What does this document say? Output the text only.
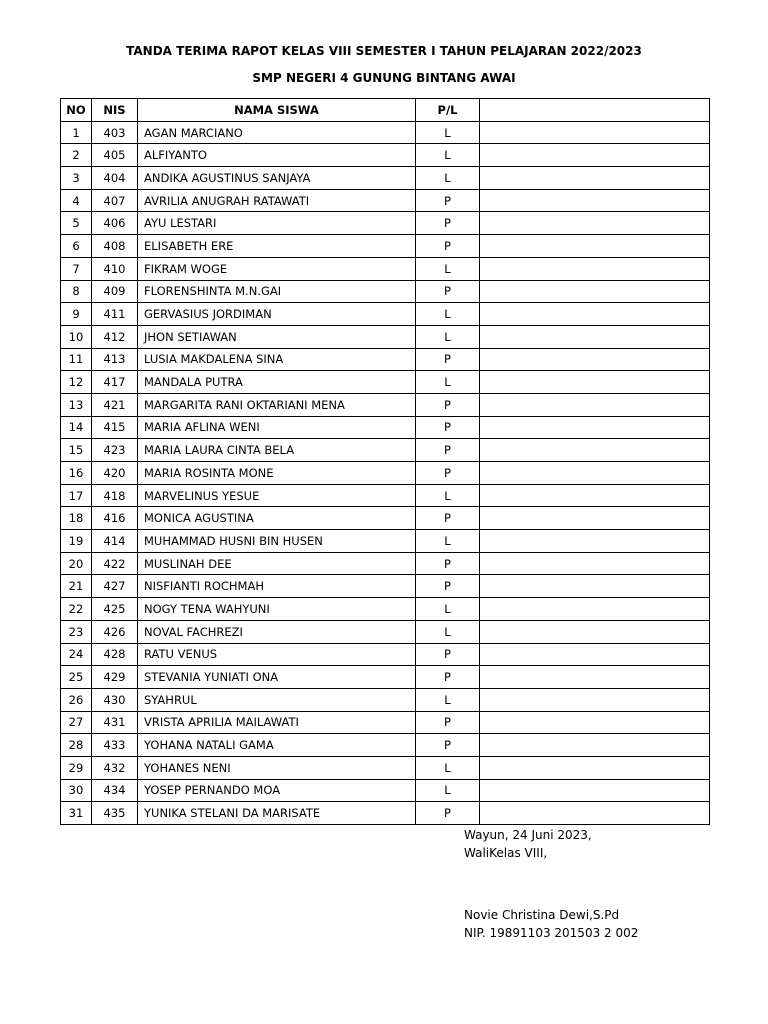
TANDA TERIMA RAPOT KELAS VIII SEMESTER I TAHUN PELAJARAN 2022/2023
SMP NEGERI 4 GUNUNG BINTANG AWAI
NO	NIS	NAMA SISWA	P/L	
1	403	AGAN MARCIANO	L	
2	405	ALFIYANTO	L	
3	404	ANDIKA AGUSTINUS SANJAYA	L	
4	407	AVRILIA ANUGRAH RATAWATI	P	
5	406	AYU LESTARI	P	
6	408	ELISABETH ERE	P	
7	410	FIKRAM WOGE	L	
8	409	FLORENSHINTA M.N.GAI	P	
9	411	GERVASIUS JORDIMAN	L	
10	412	JHON SETIAWAN	L	
11	413	LUSIA MAKDALENA SINA	P	
12	417	MANDALA PUTRA	L	
13	421	MARGARITA RANI OKTARIANI MENA	P	
14	415	MARIA AFLINA WENI	P	
15	423	MARIA LAURA CINTA BELA	P	
16	420	MARIA ROSINTA MONE	P	
17	418	MARVELINUS YESUE	L	
18	416	MONICA AGUSTINA	P	
19	414	MUHAMMAD HUSNI BIN HUSEN	L	
20	422	MUSLINAH DEE	P	
21	427	NISFIANTI ROCHMAH	P	
22	425	NOGY TENA WAHYUNI	L	
23	426	NOVAL FACHREZI	L	
24	428	RATU VENUS	P	
25	429	STEVANIA YUNIATI ONA	P	
26	430	SYAHRUL	L	
27	431	VRISTA APRILIA MAILAWATI	P	
28	433	YOHANA NATALI GAMA	P	
29	432	YOHANES NENI	L	
30	434	YOSEP PERNANDO MOA	L	
31	435	YUNIKA STELANI DA MARISATE	P	
Wayun, 24 Juni 2023,
WaliKelas VIII,
Novie Christina Dewi,S.Pd
NIP. 19891103 201503 2 002
